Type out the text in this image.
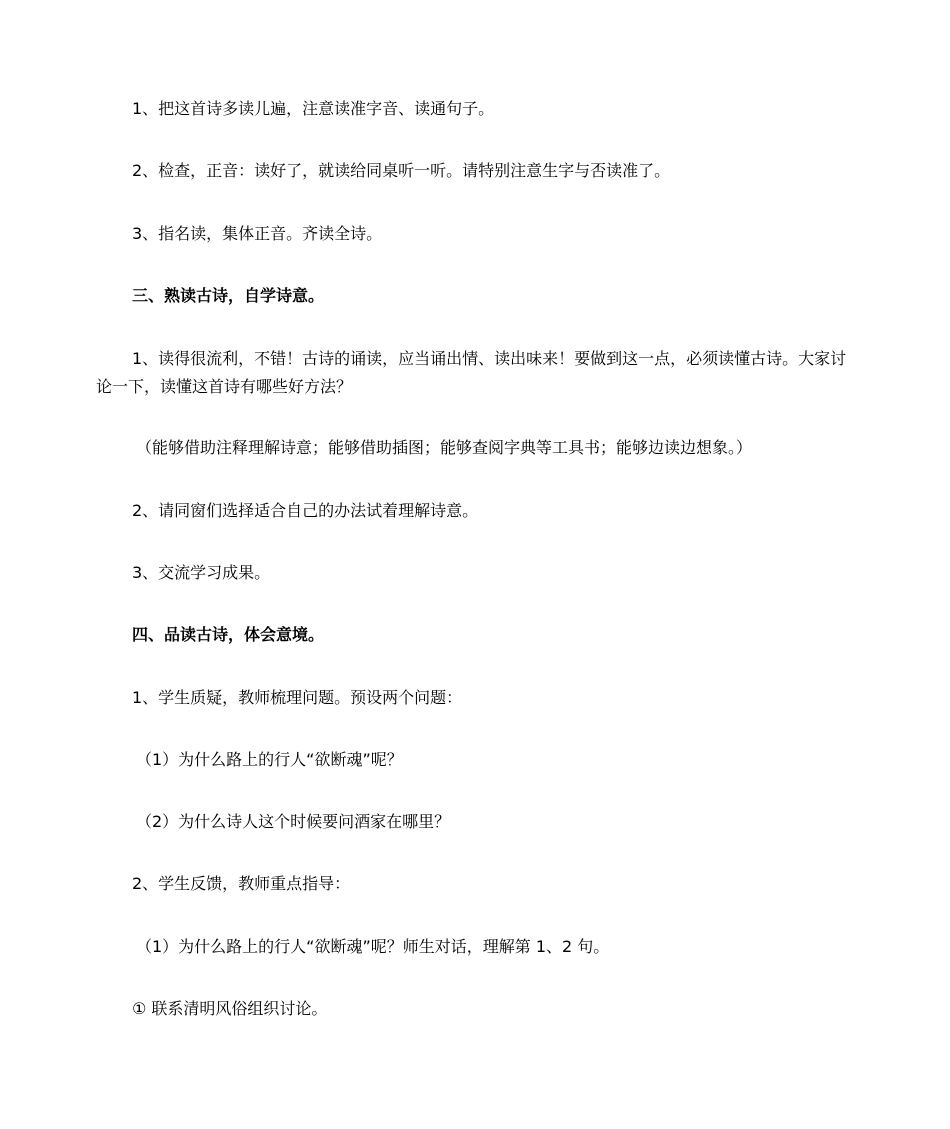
1、把这首诗多读儿遍，注意读准字音、读通句子。

2、检查，正音：读好了，就读给同桌听一听。请特别注意生字与否读准了。

3、指名读，集体正音。齐读全诗。

三、熟读古诗，自学诗意。

1、读得很流利，不错！古诗的诵读，应当诵出情、读出味来！要做到这一点，必须读懂古诗。大家讨论一下，读懂这首诗有哪些好方法？

（能够借助注释理解诗意；能够借助插图；能够查阅字典等工具书；能够边读边想象。）

2、请同窗们选择适合自己的办法试着理解诗意。

3、交流学习成果。

四、品读古诗，体会意境。

1、学生质疑，教师梳理问题。预设两个问题：

（1）为什么路上的行人“欲断魂”呢？

（2）为什么诗人这个时候要问酒家在哪里？

2、学生反馈，教师重点指导：

（1）为什么路上的行人“欲断魂”呢？师生对话，理解第 1、2 句。

① 联系清明风俗组织讨论。
